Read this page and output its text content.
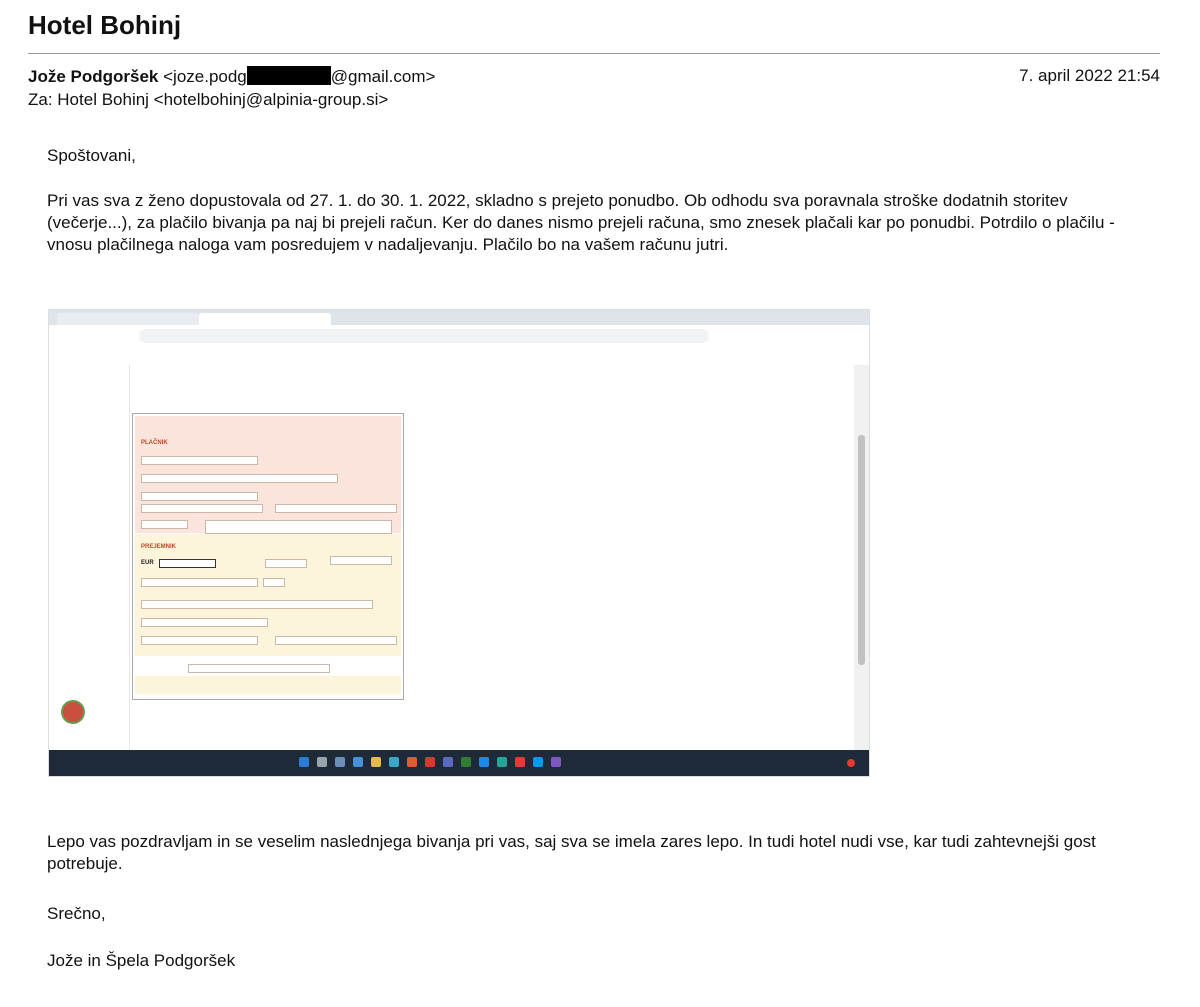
Hotel Bohinj
Jože Podgoršek <joze.podg	@gmail.com>	7. april 2022 21:54
Za: Hotel Bohinj <hotelbohinj@alpinia-group.si>
Spoštovani,
Pri vas sva z ženo dopustovala od 27. 1. do 30. 1. 2022, skladno s prejeto ponudbo. Ob odhodu sva poravnala stroške dodatnih storitev (večerje...), za plačilo bivanja pa naj bi prejeli račun. Ker do danes nismo prejeli računa, smo znesek plačali kar po ponudbi. Potrdilo o plačilu - vnosu plačilnega naloga vam posredujem v nadaljevanju. Plačilo bo na vašem računu jutri.

PLAČNIK
PREJEMNIK
EUR
Lepo vas pozdravljam in se veselim naslednjega bivanja pri vas, saj sva se imela zares lepo. In tudi hotel nudi vse, kar tudi zahtevnejši gost potrebuje.
Srečno,
Jože in Špela Podgoršek
